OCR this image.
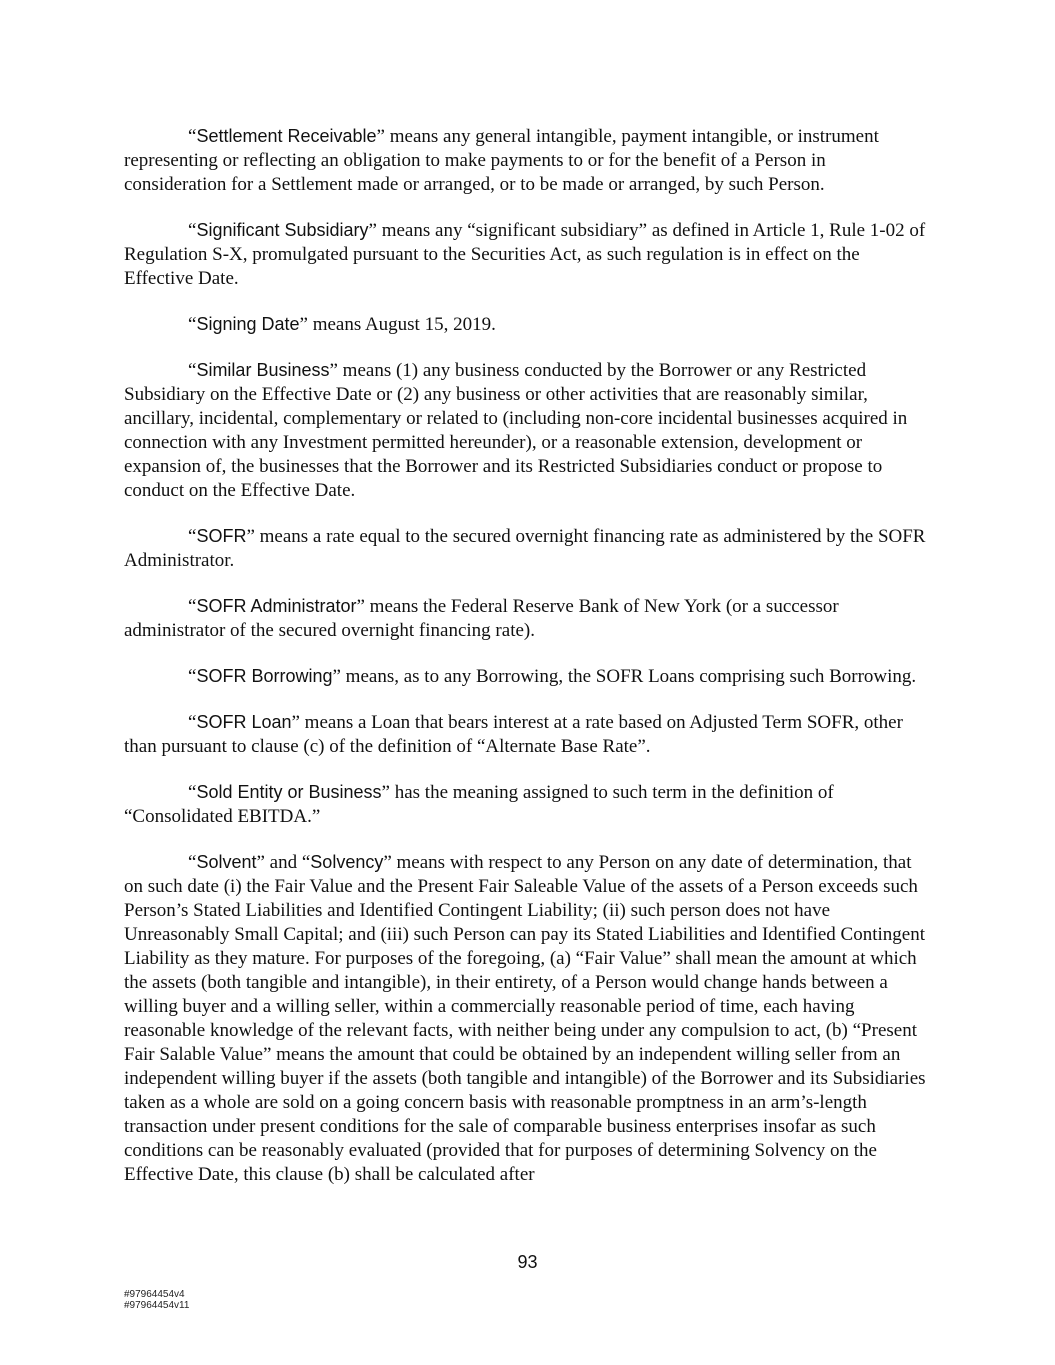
“Settlement Receivable” means any general intangible, payment intangible, or instrument representing or reflecting an obligation to make payments to or for the benefit of a Person in consideration for a Settlement made or arranged, or to be made or arranged, by such Person.

“Significant Subsidiary” means any “significant subsidiary” as defined in Article 1, Rule 1-02 of Regulation S-X, promulgated pursuant to the Securities Act, as such regulation is in effect on the Effective Date.

“Signing Date” means August 15, 2019.

“Similar Business” means (1) any business conducted by the Borrower or any Restricted Subsidiary on the Effective Date or (2) any business or other activities that are reasonably similar, ancillary, incidental, complementary or related to (including non-core incidental businesses acquired in connection with any Investment permitted hereunder), or a reasonable extension, development or expansion of, the businesses that the Borrower and its Restricted Subsidiaries conduct or propose to conduct on the Effective Date.

“SOFR” means a rate equal to the secured overnight financing rate as administered by the SOFR Administrator.

“SOFR Administrator” means the Federal Reserve Bank of New York (or a successor administrator of the secured overnight financing rate).

“SOFR Borrowing” means, as to any Borrowing, the SOFR Loans comprising such Borrowing.

“SOFR Loan” means a Loan that bears interest at a rate based on Adjusted Term SOFR, other than pursuant to clause (c) of the definition of “Alternate Base Rate”.

“Sold Entity or Business” has the meaning assigned to such term in the definition of “Consolidated EBITDA.”

“Solvent” and “Solvency” means with respect to any Person on any date of determination, that on such date (i) the Fair Value and the Present Fair Saleable Value of the assets of a Person exceeds such Person’s Stated Liabilities and Identified Contingent Liability; (ii) such person does not have Unreasonably Small Capital; and (iii) such Person can pay its Stated Liabilities and Identified Contingent Liability as they mature. For purposes of the foregoing, (a) “Fair Value” shall mean the amount at which the assets (both tangible and intangible), in their entirety, of a Person would change hands between a willing buyer and a willing seller, within a commercially reasonable period of time, each having reasonable knowledge of the relevant facts, with neither being under any compulsion to act, (b) “Present Fair Salable Value” means the amount that could be obtained by an independent willing seller from an independent willing buyer if the assets (both tangible and intangible) of the Borrower and its Subsidiaries taken as a whole are sold on a going concern basis with reasonable promptness in an arm’s-length transaction under present conditions for the sale of comparable business enterprises insofar as such conditions can be reasonably evaluated (provided that for purposes of determining Solvency on the Effective Date, this clause (b) shall be calculated after

93
#97964454v4
#97964454v11
